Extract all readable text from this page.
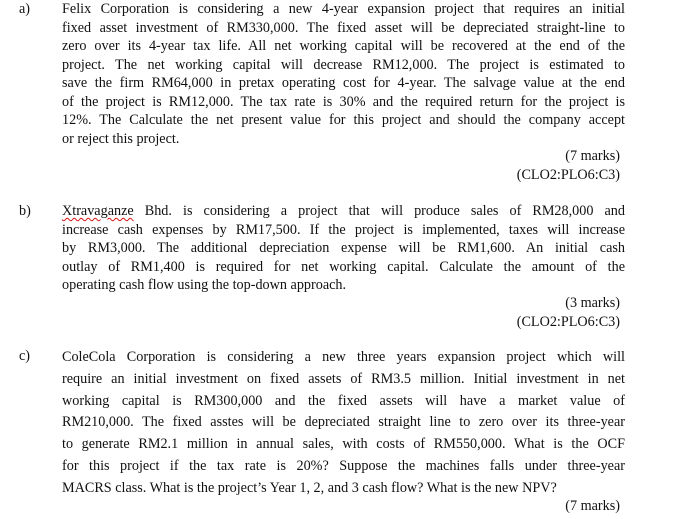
a) Felix Corporation is considering a new 4-year expansion project that requires an initial
fixed asset investment of RM330,000. The fixed asset will be depreciated straight-line to
zero over its 4-year tax life. All net working capital will be recovered at the end of the
project. The net working capital will decrease RM12,000. The project is estimated to
save the firm RM64,000 in pretax operating cost for 4-year. The salvage value at the end
of the project is RM12,000. The tax rate is 30% and the required return for the project is
12%. The Calculate the net present value for this project and should the company accept
or reject this project.
(7 marks)
(CLO2:PLO6:C3)
b) Xtravaganze Bhd. is considering a project that will produce sales of RM28,000 and
increase cash expenses by RM17,500. If the project is implemented, taxes will increase
by RM3,000. The additional depreciation expense will be RM1,600. An initial cash
outlay of RM1,400 is required for net working capital. Calculate the amount of the
operating cash flow using the top-down approach.
(3 marks)
(CLO2:PLO6:C3)
c) ColeCola Corporation is considering a new three years expansion project which will
require an initial investment on fixed assets of RM3.5 million. Initial investment in net
working capital is RM300,000 and the fixed assets will have a market value of
RM210,000. The fixed asstes will be depreciated straight line to zero over its three-year
to generate RM2.1 million in annual sales, with costs of RM550,000. What is the OCF
for this project if the tax rate is 20%? Suppose the machines falls under three-year
MACRS class. What is the project’s Year 1, 2, and 3 cash flow? What is the new NPV?
(7 marks)
